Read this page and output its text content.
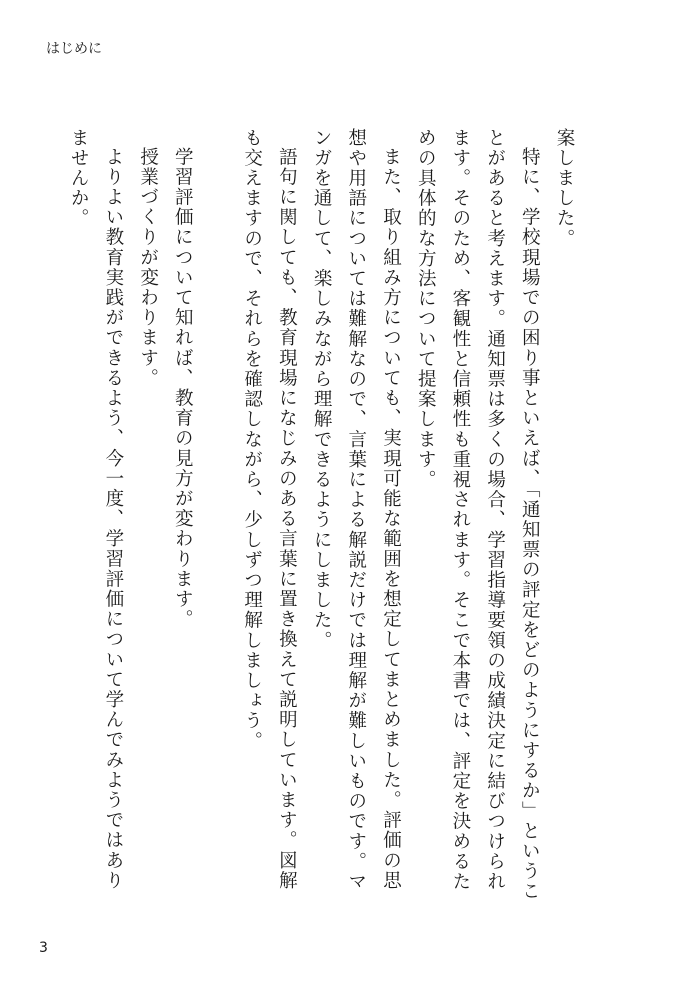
はじめに

案しました。

特に、学校現場での困り事といえば、「通知票の評定をどのようにするか」ということがあると考えます。通知票は多くの場合、学習指導要領の成績決定に結びつけられます。そのため、客観性と信頼性も重視されます。そこで本書では、評定を決めるための具体的な方法について提案します。

また、取り組み方についても、実現可能な範囲を想定してまとめました。評価の思想や用語については難解なので、言葉による解説だけでは理解が難しいものです。マンガを通して、楽しみながら理解できるようにしました。

語句に関しても、教育現場になじみのある言葉に置き換えて説明しています。図解も交えますので、それらを確認しながら、少しずつ理解しましょう。

学習評価について知れば、教育の見方が変わります。

授業づくりが変わります。

よりよい教育実践ができるよう、今一度、学習評価について学んでみようではありませんか。

3
